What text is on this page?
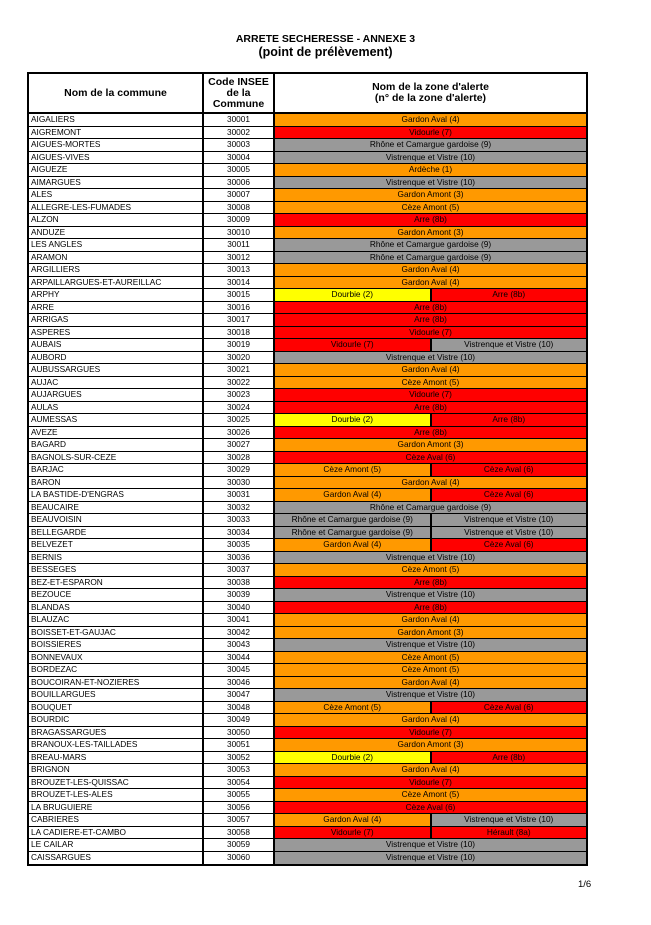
ARRETE SECHERESSE - ANNEXE 3
(point de prélèvement)
Nom de la commune
Code INSEE
de la
Commune
Nom de la zone d'alerte
(n° de la zone d'alerte)
AIGALIERS	30001	Gardon Aval (4)
AIGREMONT	30002	Vidourle (7)
AIGUES-MORTES	30003	Rhône et Camargue gardoise (9)
AIGUES-VIVES	30004	Vistrenque et Vistre (10)
AIGUEZE	30005	Ardèche (1)
AIMARGUES	30006	Vistrenque et Vistre (10)
ALES	30007	Gardon Amont (3)
ALLEGRE-LES-FUMADES	30008	Cèze Amont (5)
ALZON	30009	Arre (8b)
ANDUZE	30010	Gardon Amont (3)
LES ANGLES	30011	Rhône et Camargue gardoise (9)
ARAMON	30012	Rhône et Camargue gardoise (9)
ARGILLIERS	30013	Gardon Aval (4)
ARPAILLARGUES-ET-AUREILLAC	30014	Gardon Aval (4)
ARPHY	30015	Dourbie (2)	Arre (8b)
ARRE	30016	Arre (8b)
ARRIGAS	30017	Arre (8b)
ASPERES	30018	Vidourle (7)
AUBAIS	30019	Vidourle (7)	Vistrenque et Vistre (10)
AUBORD	30020	Vistrenque et Vistre (10)
AUBUSSARGUES	30021	Gardon Aval (4)
AUJAC	30022	Cèze Amont (5)
AUJARGUES	30023	Vidourle (7)
AULAS	30024	Arre (8b)
AUMESSAS	30025	Dourbie (2)	Arre (8b)
AVEZE	30026	Arre (8b)
BAGARD	30027	Gardon Amont (3)
BAGNOLS-SUR-CEZE	30028	Cèze Aval (6)
BARJAC	30029	Cèze Amont (5)	Cèze Aval (6)
BARON	30030	Gardon Aval (4)
LA BASTIDE-D'ENGRAS	30031	Gardon Aval (4)	Cèze Aval (6)
BEAUCAIRE	30032	Rhône et Camargue gardoise (9)
BEAUVOISIN	30033	Rhône et Camargue gardoise (9)	Vistrenque et Vistre (10)
BELLEGARDE	30034	Rhône et Camargue gardoise (9)	Vistrenque et Vistre (10)
BELVEZET	30035	Gardon Aval (4)	Cèze Aval (6)
BERNIS	30036	Vistrenque et Vistre (10)
BESSEGES	30037	Cèze Amont (5)
BEZ-ET-ESPARON	30038	Arre (8b)
BEZOUCE	30039	Vistrenque et Vistre (10)
BLANDAS	30040	Arre (8b)
BLAUZAC	30041	Gardon Aval (4)
BOISSET-ET-GAUJAC	30042	Gardon Amont (3)
BOISSIERES	30043	Vistrenque et Vistre (10)
BONNEVAUX	30044	Cèze Amont (5)
BORDEZAC	30045	Cèze Amont (5)
BOUCOIRAN-ET-NOZIERES	30046	Gardon Aval (4)
BOUILLARGUES	30047	Vistrenque et Vistre (10)
BOUQUET	30048	Cèze Amont (5)	Cèze Aval (6)
BOURDIC	30049	Gardon Aval (4)
BRAGASSARGUES	30050	Vidourle (7)
BRANOUX-LES-TAILLADES	30051	Gardon Amont (3)
BREAU-MARS	30052	Dourbie (2)	Arre (8b)
BRIGNON	30053	Gardon Aval (4)
BROUZET-LES-QUISSAC	30054	Vidourle (7)
BROUZET-LES-ALES	30055	Cèze Amont (5)
LA BRUGUIERE	30056	Cèze Aval (6)
CABRIERES	30057	Gardon Aval (4)	Vistrenque et Vistre (10)
LA CADIERE-ET-CAMBO	30058	Vidourle (7)	Hérault (8a)
LE CAILAR	30059	Vistrenque et Vistre (10)
CAISSARGUES	30060	Vistrenque et Vistre (10)
1/6
